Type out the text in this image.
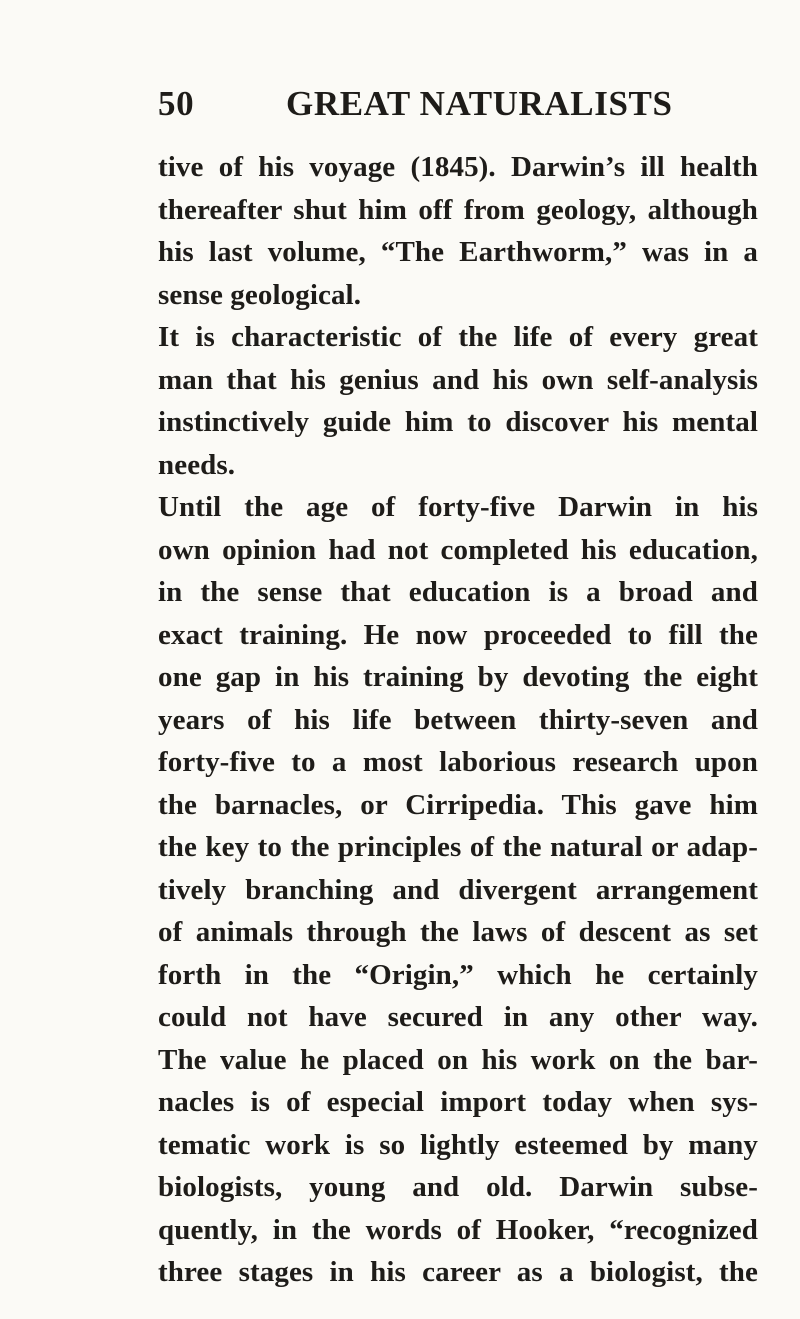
50	GREAT NATURALISTS
tive of his voyage (1845). Darwin’s ill health
thereafter shut him off from geology, although
his last volume, “The Earthworm,” was in a
sense geological.
It is characteristic of the life of every great
man that his genius and his own self-analysis
instinctively guide him to discover his mental
needs.
Until the age of forty-five Darwin in his
own opinion had not completed his education,
in the sense that education is a broad and
exact training. He now proceeded to fill the
one gap in his training by devoting the eight
years of his life between thirty-seven and
forty-five to a most laborious research upon
the barnacles, or Cirripedia. This gave him
the key to the principles of the natural or adap-
tively branching and divergent arrangement
of animals through the laws of descent as set
forth in the “Origin,” which he certainly
could not have secured in any other way.
The value he placed on his work on the bar-
nacles is of especial import today when sys-
tematic work is so lightly esteemed by many
biologists, young and old. Darwin subse-
quently, in the words of Hooker, “recognized
three stages in his career as a biologist, the
